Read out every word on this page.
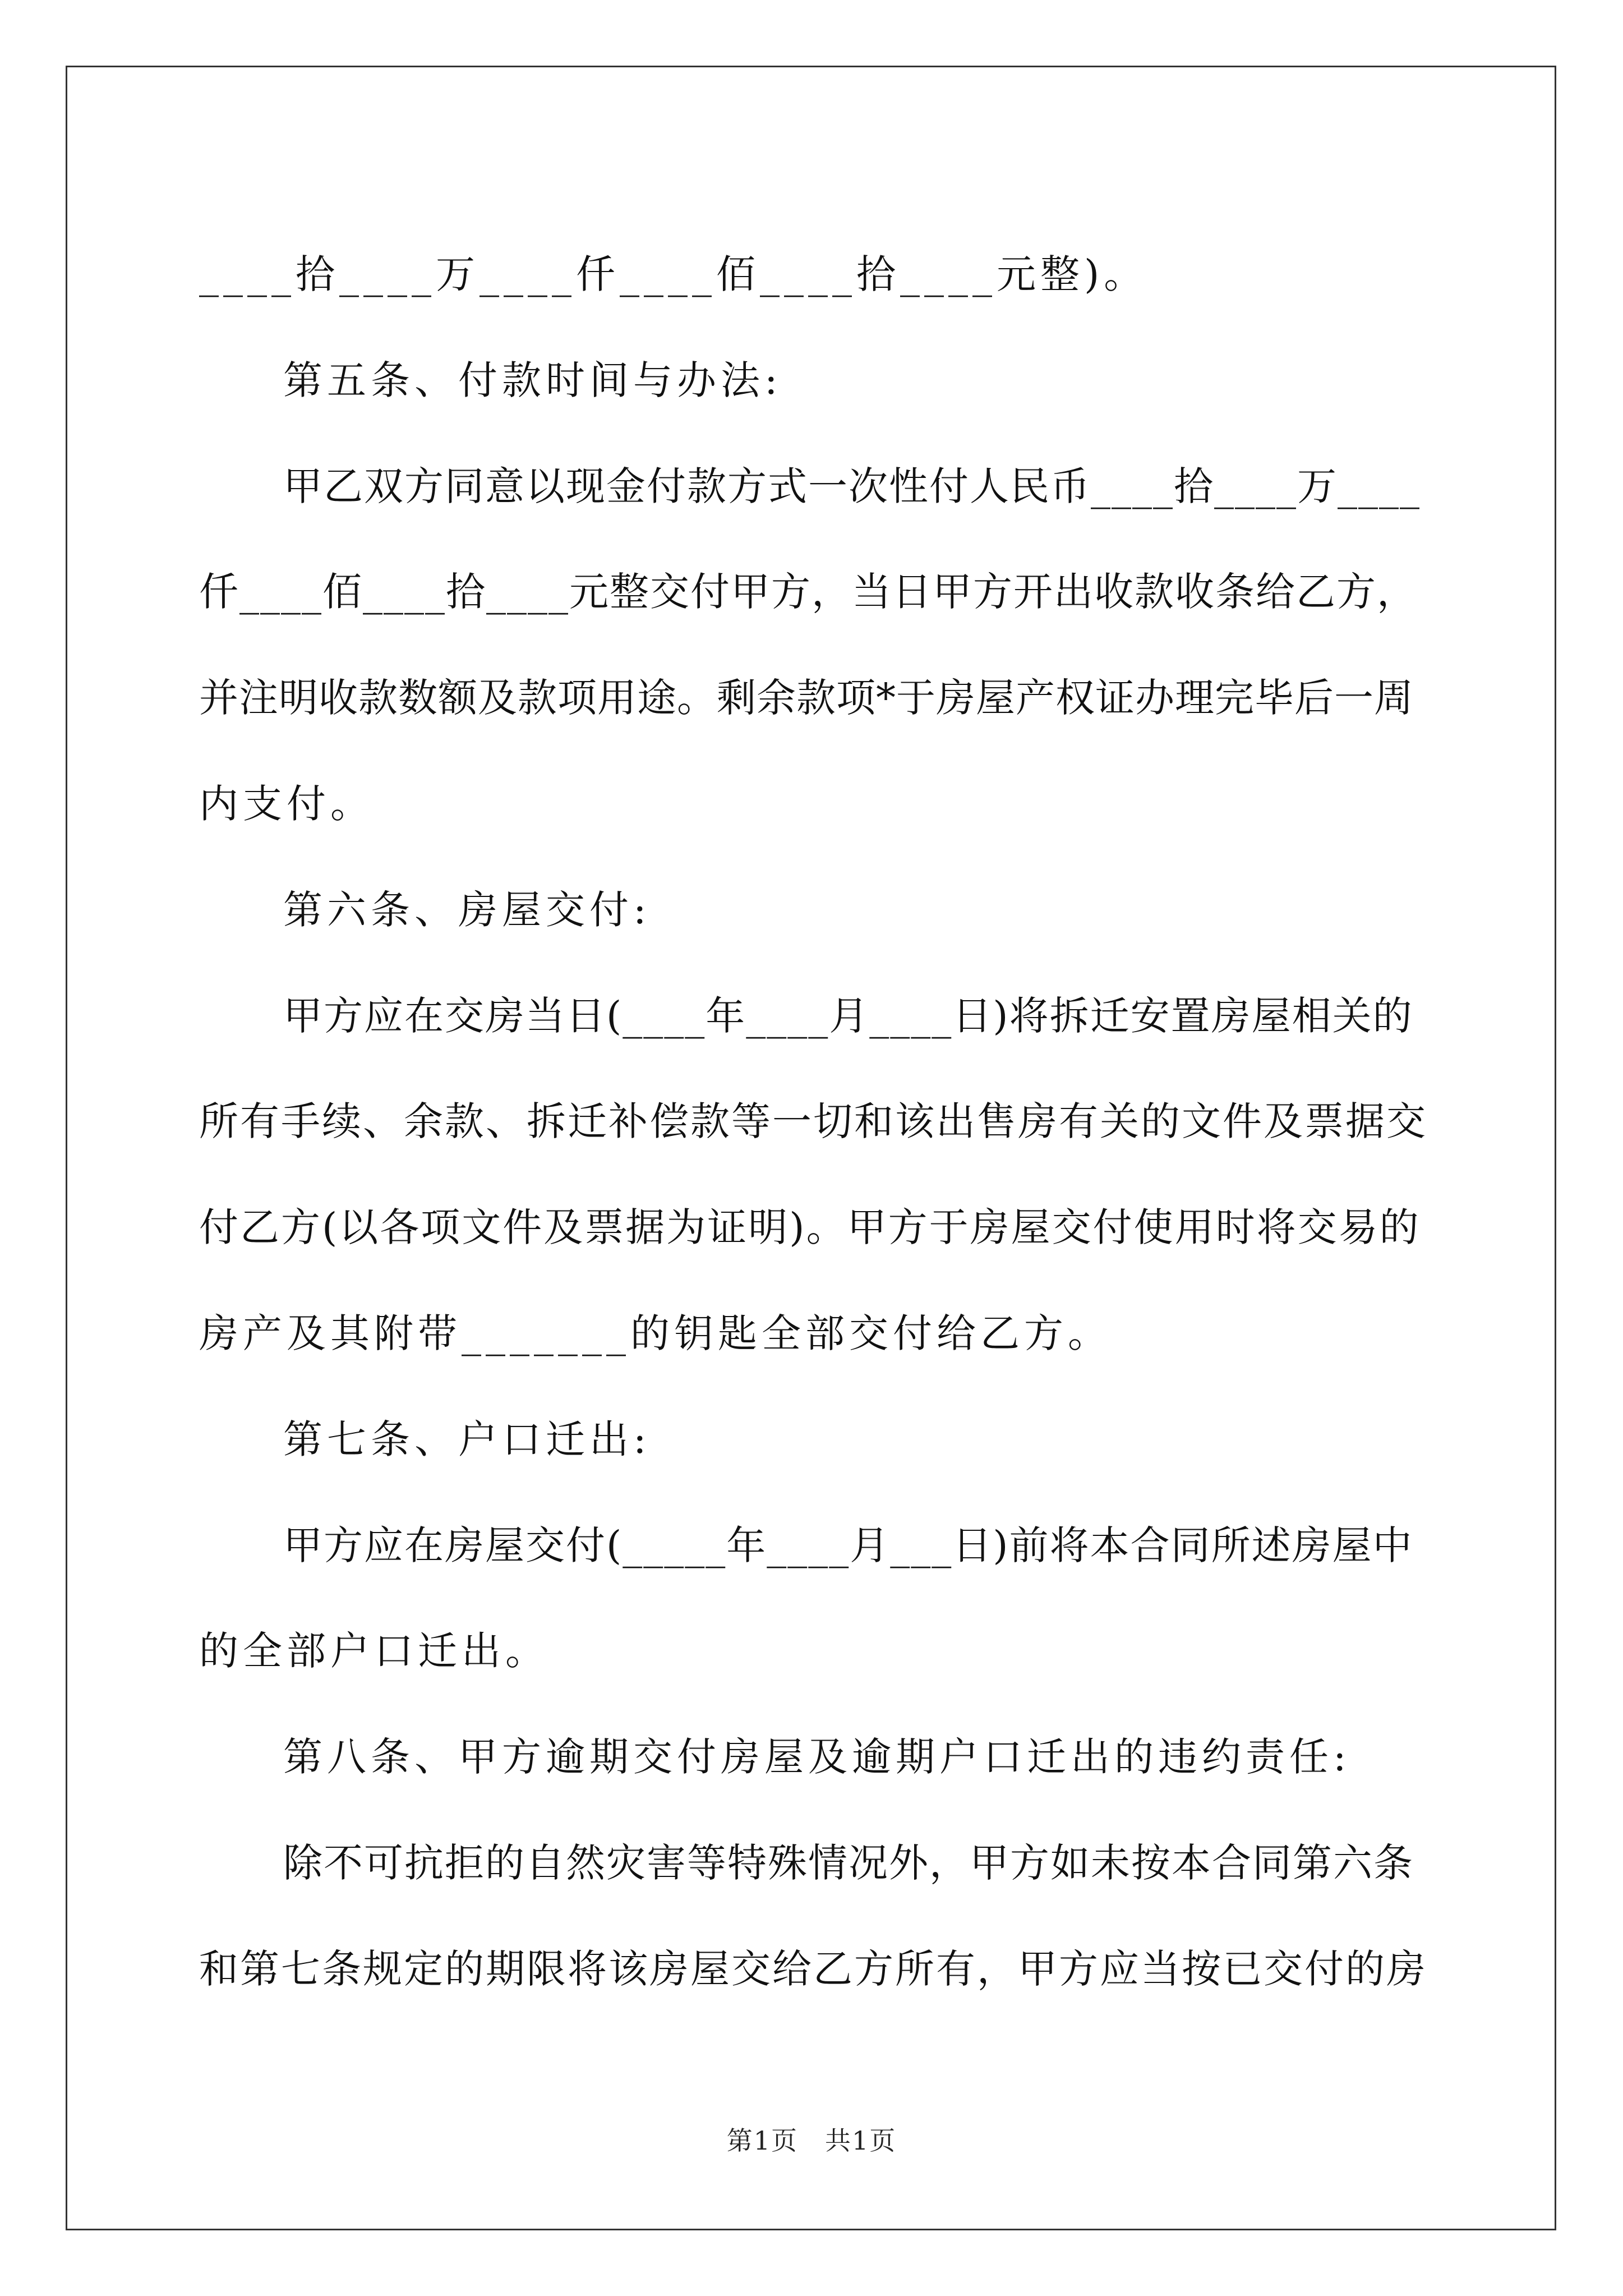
____拾____万____仟____佰____拾____元整)。

第五条、付款时间与办法:

甲乙双方同意以现金付款方式一次性付人民币____拾____万____

仟____佰____拾____元整交付甲方，当日甲方开出收款收条给乙方，

并注明收款数额及款项用途。剩余款项*于房屋产权证办理完毕后一周

内支付。

第六条、房屋交付:

甲方应在交房当日(____年____月____日)将拆迁安置房屋相关的

所有手续、余款、拆迁补偿款等一切和该出售房有关的文件及票据交

付乙方(以各项文件及票据为证明)。甲方于房屋交付使用时将交易的

房产及其附带_______的钥匙全部交付给乙方。

第七条、户口迁出:

甲方应在房屋交付(_____年____月___日)前将本合同所述房屋中

的全部户口迁出。

第八条、甲方逾期交付房屋及逾期户口迁出的违约责任:

除不可抗拒的自然灾害等特殊情况外，甲方如未按本合同第六条

和第七条规定的期限将该房屋交给乙方所有，甲方应当按已交付的房

第1页　共1页
